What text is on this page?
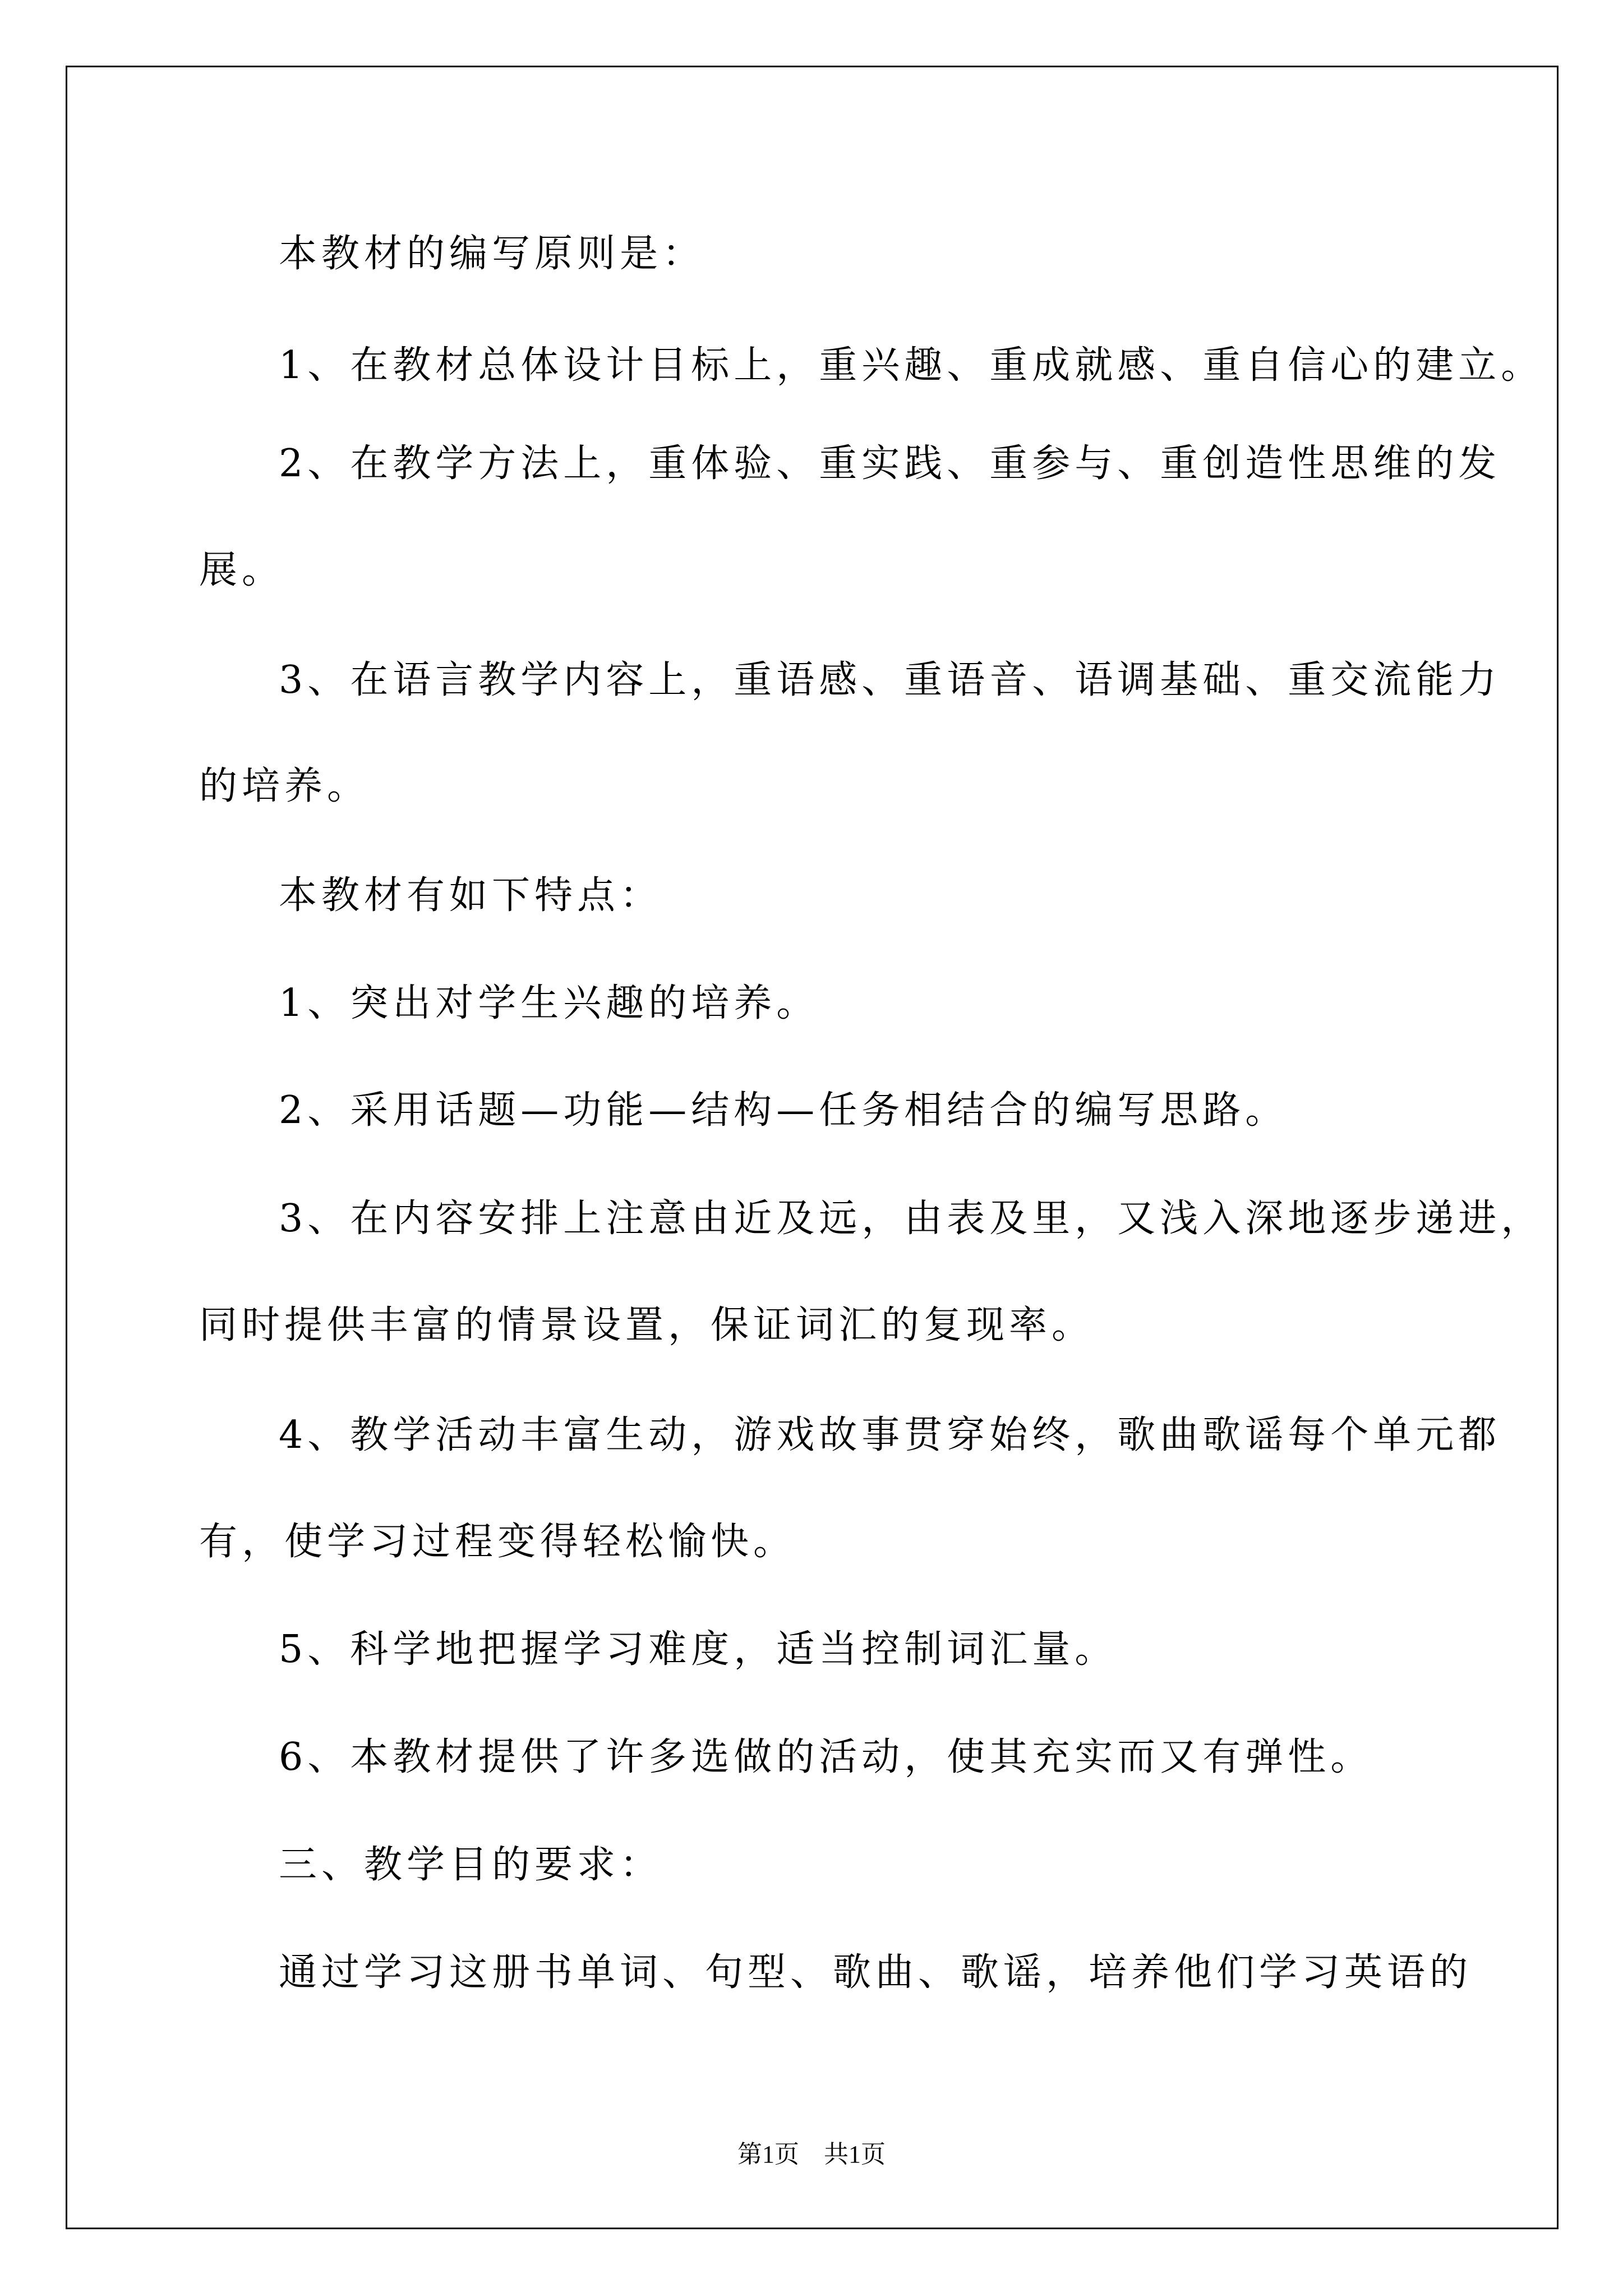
本教材的编写原则是：
1、在教材总体设计目标上，重兴趣、重成就感、重自信心的建立。
2、在教学方法上，重体验、重实践、重参与、重创造性思维的发
展。
3、在语言教学内容上，重语感、重语音、语调基础、重交流能力
的培养。
本教材有如下特点：
1、突出对学生兴趣的培养。
2、采用话题—功能—结构—任务相结合的编写思路。
3、在内容安排上注意由近及远，由表及里，又浅入深地逐步递进，
同时提供丰富的情景设置，保证词汇的复现率。
4、教学活动丰富生动，游戏故事贯穿始终，歌曲歌谣每个单元都
有，使学习过程变得轻松愉快。
5、科学地把握学习难度，适当控制词汇量。
6、本教材提供了许多选做的活动，使其充实而又有弹性。
三、教学目的要求：
通过学习这册书单词、句型、歌曲、歌谣，培养他们学习英语的
第1页　共1页
